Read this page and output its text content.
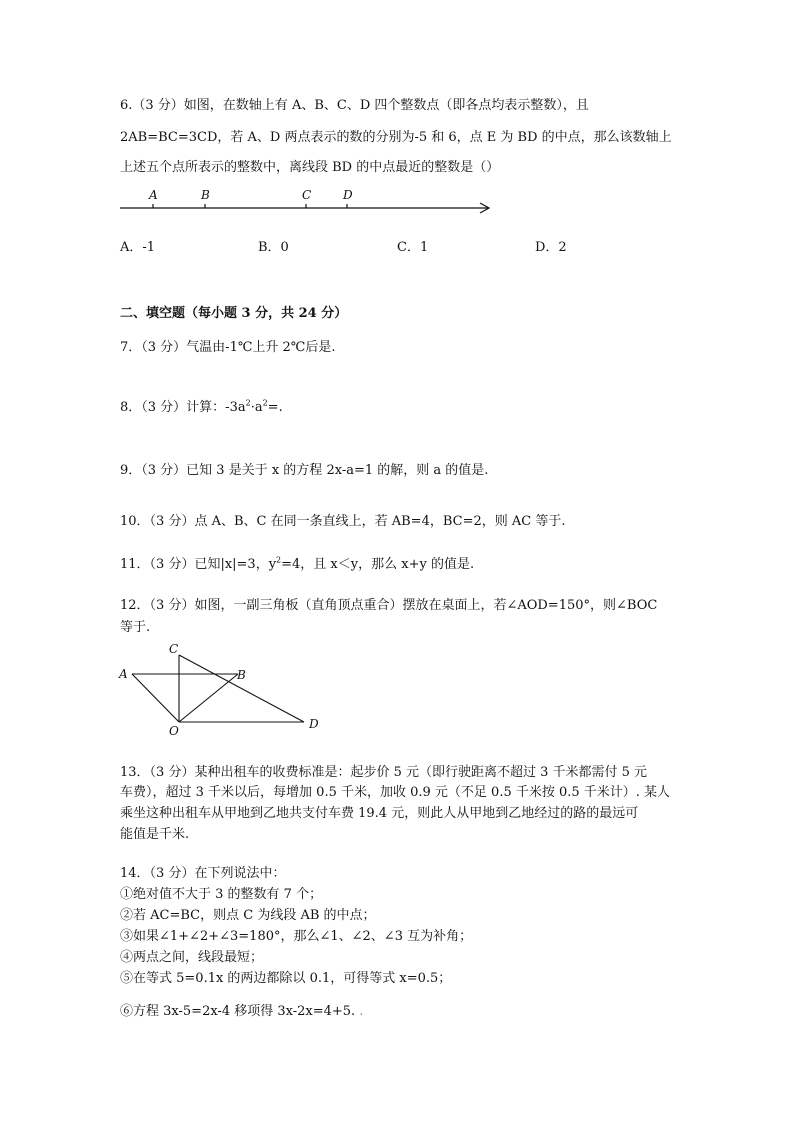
6.（3 分）如图，在数轴上有 A、B、C、D 四个整数点（即各点均表示整数），且
2AB=BC=3CD，若 A、D 两点表示的数的分别为-5 和 6，点 E 为 BD 的中点，那么该数轴上
上述五个点所表示的整数中，离线段 BD 的中点最近的整数是（）
A	B	C	D
A．-1	B．0	C．1	D．2
二、填空题（每小题 3 分，共 24 分）
7．（3 分）气温由-1℃上升 2℃后是.
8．（3 分）计算：$-3a^2\cdot a^2=$.
9．（3 分）已知 3 是关于 x 的方程 2x-a=1 的解，则 a 的值是.
10．（3 分）点 A、B、C 在同一条直线上，若 AB=4，BC=2，则 AC 等于.
11．（3 分）已知|x|=3，$y^2=4$，且 x＜y，那么 x+y 的值是.
12．（3 分）如图，一副三角板（直角顶点重合）摆放在桌面上，若∠AOD=150°，则∠BOC
等于.
C
A	B
O	D
13．（3 分）某种出租车的收费标准是：起步价 5 元（即行驶距离不超过 3 千米都需付 5 元
车费），超过 3 千米以后，每增加 0.5 千米，加收 0.9 元（不足 0.5 千米按 0.5 千米计）. 某人
乘坐这种出租车从甲地到乙地共支付车费 19.4 元，则此人从甲地到乙地经过的路的最远可
能值是千米.
14．（3 分）在下列说法中：
①绝对值不大于 3 的整数有 7 个；
②若 AC=BC，则点 C 为线段 AB 的中点；
③如果∠1+∠2+∠3=180°，那么∠1、∠2、∠3 互为补角；
④两点之间，线段最短；
⑤在等式 5=0.1x 的两边都除以 0.1，可得等式 x=0.5；
⑥方程 3x-5=2x-4 移项得 3x-2x=4+5. .
